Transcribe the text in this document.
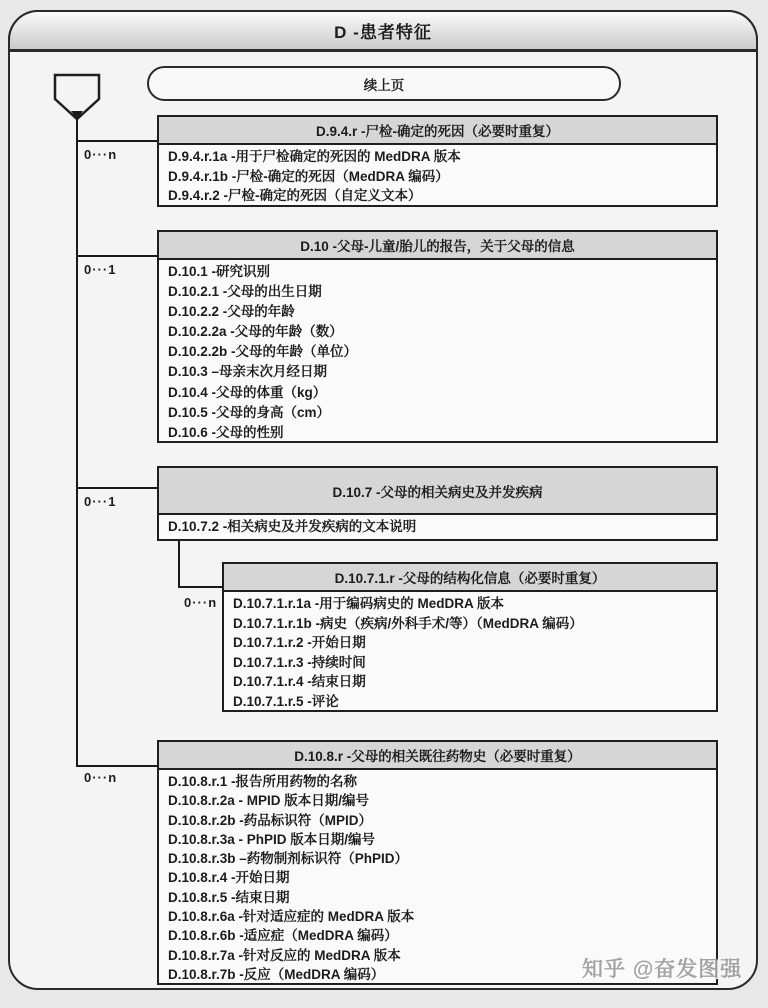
D -患者特征
续上页
0···n
0···1
0···1
0···n
0···n
D.9.4.r -尸检-确定的死因（必要时重复）
D.9.4.r.1a -用于尸检确定的死因的 MedDRA 版本
D.9.4.r.1b -尸检-确定的死因（MedDRA 编码）
D.9.4.r.2 -尸检-确定的死因（自定义文本）
D.10 -父母-儿童/胎儿的报告，关于父母的信息
D.10.1 -研究识别
D.10.2.1 -父母的出生日期
D.10.2.2 -父母的年龄
D.10.2.2a -父母的年龄（数）
D.10.2.2b -父母的年龄（单位）
D.10.3 –母亲末次月经日期
D.10.4 -父母的体重（kg）
D.10.5 -父母的身高（cm）
D.10.6 -父母的性别
D.10.7 -父母的相关病史及并发疾病
D.10.7.2 -相关病史及并发疾病的文本说明
D.10.7.1.r -父母的结构化信息（必要时重复）
D.10.7.1.r.1a -用于编码病史的 MedDRA 版本
D.10.7.1.r.1b -病史（疾病/外科手术/等）（MedDRA 编码）
D.10.7.1.r.2 -开始日期
D.10.7.1.r.3 -持续时间
D.10.7.1.r.4 -结束日期
D.10.7.1.r.5 -评论
D.10.8.r -父母的相关既往药物史（必要时重复）
D.10.8.r.1 -报告所用药物的名称
D.10.8.r.2a - MPID 版本日期/编号
D.10.8.r.2b -药品标识符（MPID）
D.10.8.r.3a - PhPID 版本日期/编号
D.10.8.r.3b –药物制剂标识符（PhPID）
D.10.8.r.4 -开始日期
D.10.8.r.5 -结束日期
D.10.8.r.6a -针对适应症的 MedDRA 版本
D.10.8.r.6b -适应症（MedDRA 编码）
D.10.8.r.7a -针对反应的 MedDRA 版本
D.10.8.r.7b -反应（MedDRA 编码）	知乎 @奋发图强
